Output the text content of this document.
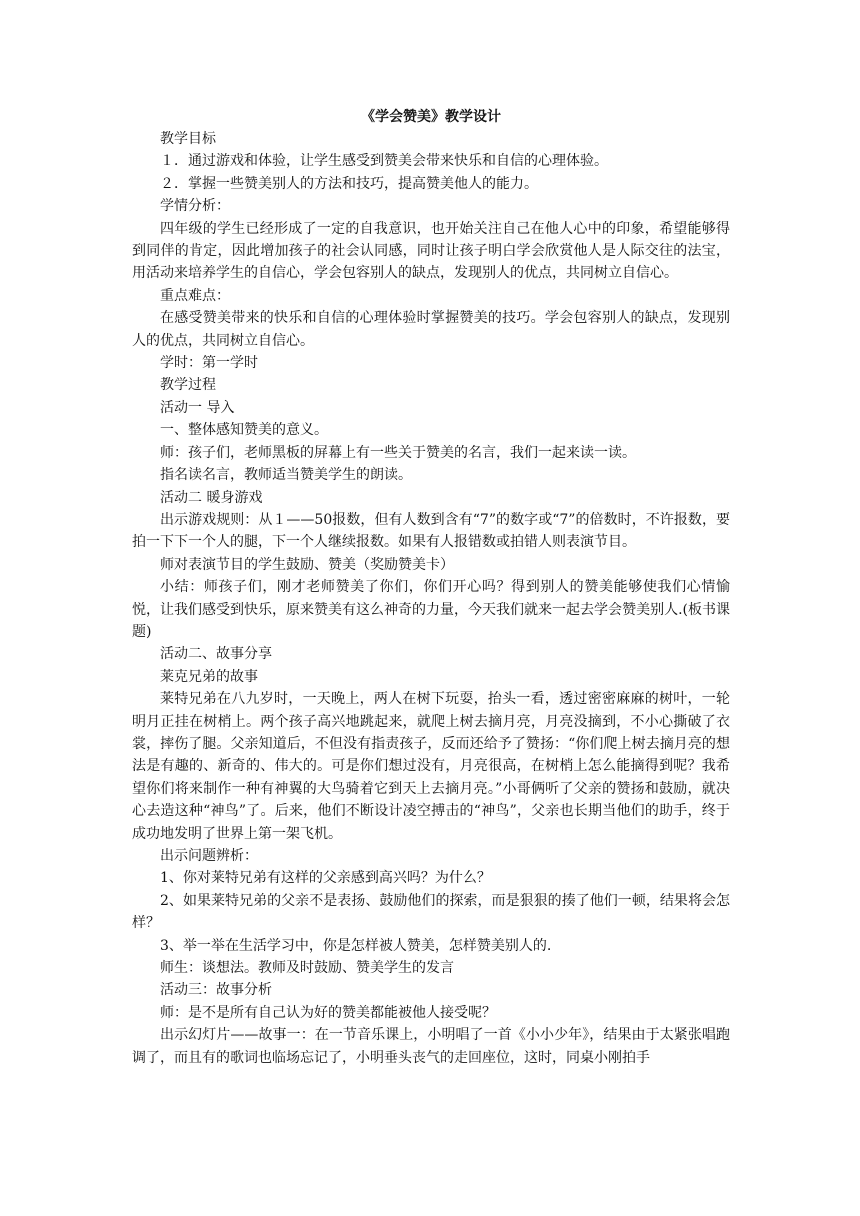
《学会赞美》教学设计

教学目标

１．通过游戏和体验，让学生感受到赞美会带来快乐和自信的心理体验。

２．掌握一些赞美别人的方法和技巧，提高赞美他人的能力。

学情分析：

四年级的学生已经形成了一定的自我意识，也开始关注自己在他人心中的印象，希望能够得到同伴的肯定，因此增加孩子的社会认同感，同时让孩子明白学会欣赏他人是人际交往的法宝，用活动来培养学生的自信心，学会包容别人的缺点，发现别人的优点，共同树立自信心。

重点难点：

在感受赞美带来的快乐和自信的心理体验时掌握赞美的技巧。学会包容别人的缺点，发现别人的优点，共同树立自信心。

学时：第一学时

教学过程

活动一 导入

一、整体感知赞美的意义。

师：孩子们，老师黑板的屏幕上有一些关于赞美的名言，我们一起来读一读。

指名读名言，教师适当赞美学生的朗读。

活动二 暖身游戏

出示游戏规则：从１——50报数，但有人数到含有“7”的数字或“7”的倍数时，不许报数，要拍一下下一个人的腿，下一个人继续报数。如果有人报错数或拍错人则表演节目。

师对表演节目的学生鼓励、赞美（奖励赞美卡）

小结：师孩子们，刚才老师赞美了你们，你们开心吗？得到别人的赞美能够使我们心情愉悦，让我们感受到快乐，原来赞美有这么神奇的力量，今天我们就来一起去学会赞美别人.(板书课题)

活动二、故事分享

莱克兄弟的故事

莱特兄弟在八九岁时，一天晚上，两人在树下玩耍，抬头一看，透过密密麻麻的树叶，一轮明月正挂在树梢上。两个孩子高兴地跳起来，就爬上树去摘月亮，月亮没摘到，不小心撕破了衣裳，摔伤了腿。父亲知道后，不但没有指责孩子，反而还给予了赞扬：“你们爬上树去摘月亮的想法是有趣的、新奇的、伟大的。可是你们想过没有，月亮很高，在树梢上怎么能摘得到呢？我希望你们将来制作一种有神翼的大鸟骑着它到天上去摘月亮。”小哥俩听了父亲的赞扬和鼓励，就决心去造这种“神鸟”了。后来，他们不断设计凌空搏击的“神鸟”，父亲也长期当他们的助手，终于成功地发明了世界上第一架飞机。

出示问题辨析：

1、你对莱特兄弟有这样的父亲感到高兴吗？为什么？

2、如果莱特兄弟的父亲不是表扬、鼓励他们的探索，而是狠狠的揍了他们一顿，结果将会怎样？

3、举一举在生活学习中，你是怎样被人赞美，怎样赞美别人的.

师生：谈想法。教师及时鼓励、赞美学生的发言

活动三：故事分析

师：是不是所有自己认为好的赞美都能被他人接受呢？

出示幻灯片——故事一：在一节音乐课上，小明唱了一首《小小少年》，结果由于太紧张唱跑调了，而且有的歌词也临场忘记了，小明垂头丧气的走回座位，这时，同桌小刚拍手
